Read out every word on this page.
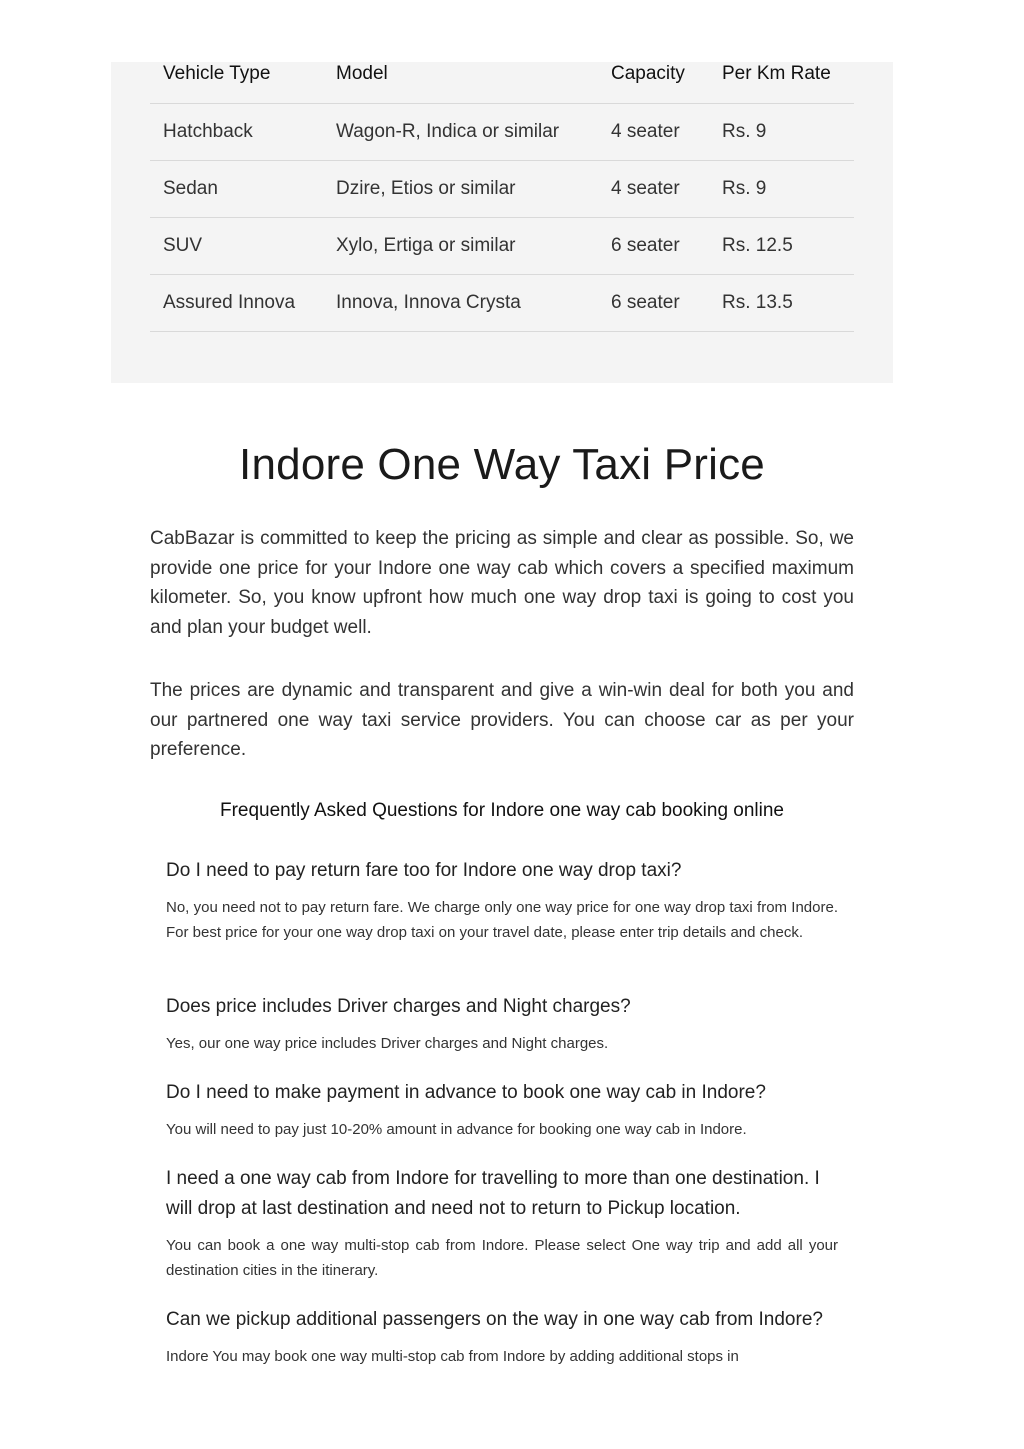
Vehicle Type	Model	Capacity	Per Km Rate
Hatchback	Wagon-R, Indica or similar	4 seater	Rs. 9
Sedan	Dzire, Etios or similar	4 seater	Rs. 9
SUV	Xylo, Ertiga or similar	6 seater	Rs. 12.5
Assured Innova	Innova, Innova Crysta	6 seater	Rs. 13.5
Indore One Way Taxi Price

CabBazar is committed to keep the pricing as simple and clear as possible. So, we provide one price for your Indore one way cab which covers a specified maximum kilometer. So, you know upfront how much one way drop taxi is going to cost you and plan your budget well.

The prices are dynamic and transparent and give a win-win deal for both you and our partnered one way taxi service providers. You can choose car as per your preference.

Frequently Asked Questions for Indore one way cab booking online
Do I need to pay return fare too for Indore one way drop taxi?

No, you need not to pay return fare. We charge only one way price for one way drop taxi from Indore. For best price for your one way drop taxi on your travel date, please enter trip details and check.

Does price includes Driver charges and Night charges?

Yes, our one way price includes Driver charges and Night charges.

Do I need to make payment in advance to book one way cab in Indore?

You will need to pay just 10-20% amount in advance for booking one way cab in Indore.

I need a one way cab from Indore for travelling to more than one destination. I will drop at last destination and need not to return to Pickup location.

You can book a one way multi-stop cab from Indore. Please select One way trip and add all your destination cities in the itinerary.

Can we pickup additional passengers on the way in one way cab from Indore?

Indore You may book one way multi-stop cab from Indore by adding additional stops in
